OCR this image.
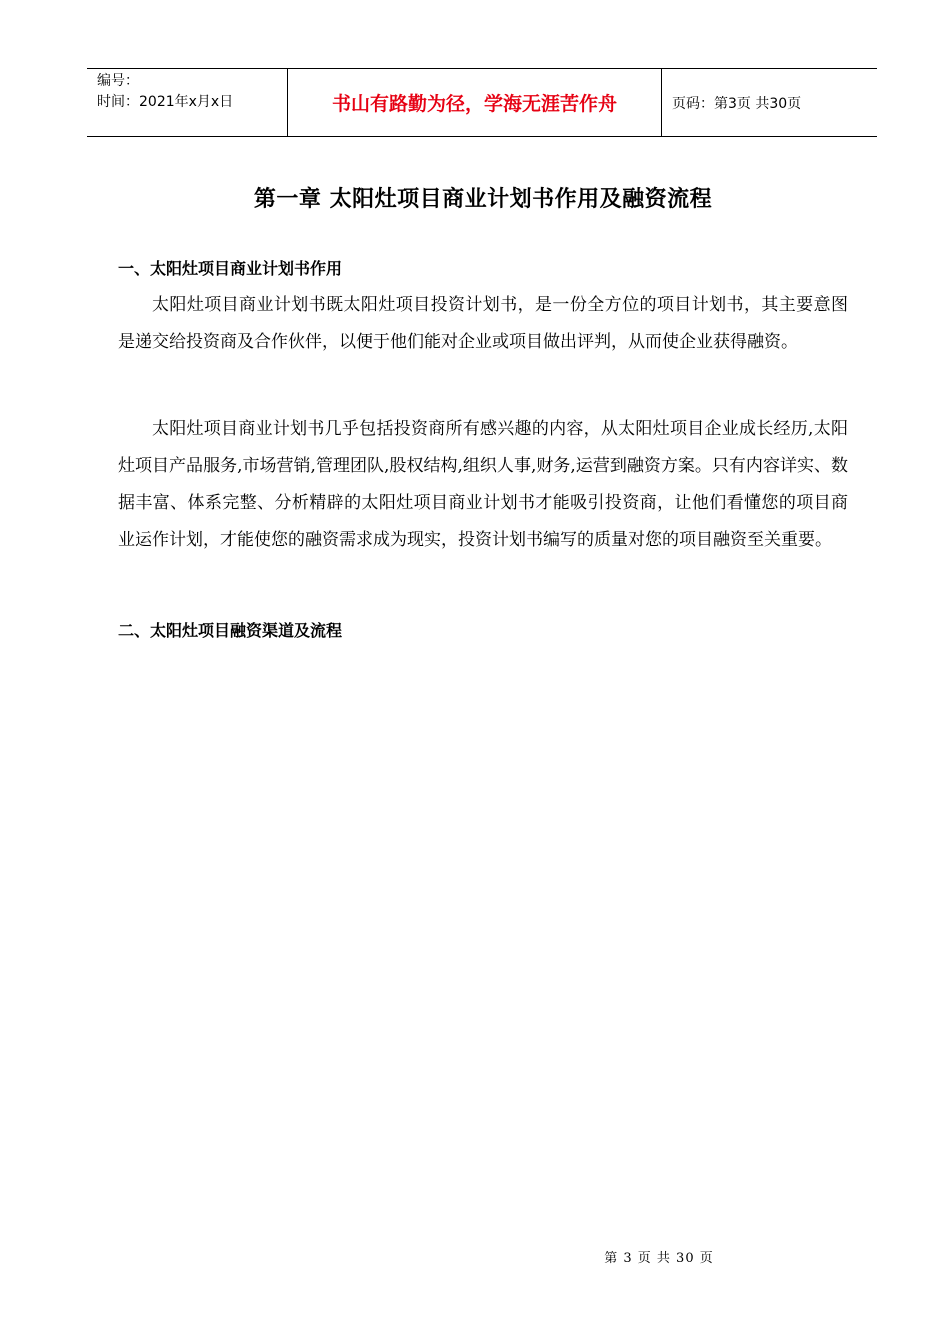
编号：
时间：2021年x月x日	书山有路勤为径，学海无涯苦作舟	页码：第3页 共30页
第一章 太阳灶项目商业计划书作用及融资流程
一、太阳灶项目商业计划书作用
太阳灶项目商业计划书既太阳灶项目投资计划书，是一份全方位的项目计划书，其主要意图是递交给投资商及合作伙伴，以便于他们能对企业或项目做出评判，从而使企业获得融资。
太阳灶项目商业计划书几乎包括投资商所有感兴趣的内容，从太阳灶项目企业成长经历,太阳灶项目产品服务,市场营销,管理团队,股权结构,组织人事,财务,运营到融资方案。只有内容详实、数据丰富、体系完整、分析精辟的太阳灶项目商业计划书才能吸引投资商，让他们看懂您的项目商业运作计划，才能使您的融资需求成为现实，投资计划书编写的质量对您的项目融资至关重要。
二、太阳灶项目融资渠道及流程
第 3 页 共 30 页
